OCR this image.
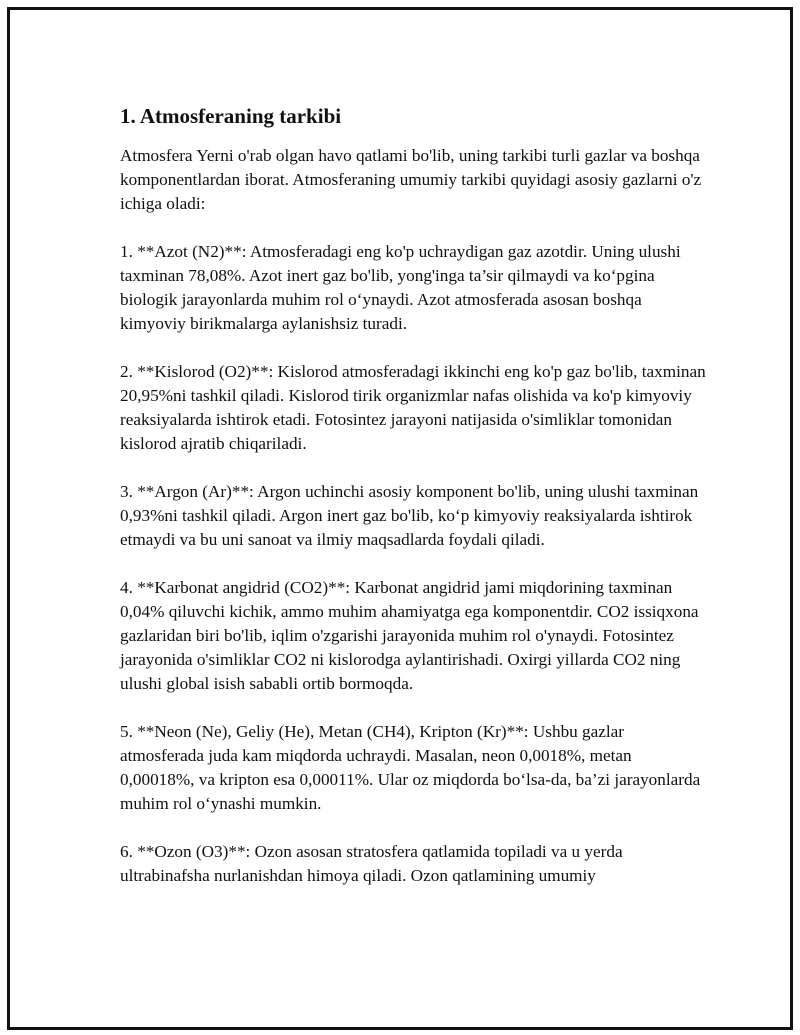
1. Atmosferaning tarkibi

Atmosfera Yerni o'rab olgan havo qatlami bo'lib, uning tarkibi turli gazlar va boshqa komponentlardan iborat. Atmosferaning umumiy tarkibi quyidagi asosiy gazlarni o'z ichiga oladi:

1. **Azot (N2)**: Atmosferadagi eng ko'p uchraydigan gaz azotdir. Uning ulushi taxminan 78,08%. Azot inert gaz bo'lib, yong'inga ta’sir qilmaydi va ko‘pgina biologik jarayonlarda muhim rol o‘ynaydi. Azot atmosferada asosan boshqa kimyoviy birikmalarga aylanishsiz turadi.

2. **Kislorod (O2)**: Kislorod atmosferadagi ikkinchi eng ko'p gaz bo'lib, taxminan 20,95%ni tashkil qiladi. Kislorod tirik organizmlar nafas olishida va ko'p kimyoviy reaksiyalarda ishtirok etadi. Fotosintez jarayoni natijasida o'simliklar tomonidan kislorod ajratib chiqariladi.

3. **Argon (Ar)**: Argon uchinchi asosiy komponent bo'lib, uning ulushi taxminan 0,93%ni tashkil qiladi. Argon inert gaz bo'lib, ko‘p kimyoviy reaksiyalarda ishtirok etmaydi va bu uni sanoat va ilmiy maqsadlarda foydali qiladi.

4. **Karbonat angidrid (CO2)**: Karbonat angidrid jami miqdorining taxminan 0,04% qiluvchi kichik, ammo muhim ahamiyatga ega komponentdir. CO2 issiqxona gazlaridan biri bo'lib, iqlim o'zgarishi jarayonida muhim rol o'ynaydi. Fotosintez jarayonida o'simliklar CO2 ni kislorodga aylantirishadi. Oxirgi yillarda CO2 ning ulushi global isish sababli ortib bormoqda.

5. **Neon (Ne), Geliy (He), Metan (CH4), Kripton (Kr)**: Ushbu gazlar atmosferada juda kam miqdorda uchraydi. Masalan, neon 0,0018%, metan 0,00018%, va kripton esa 0,00011%. Ular oz miqdorda bo‘lsa-da, ba’zi jarayonlarda muhim rol o‘ynashi mumkin.

6. **Ozon (O3)**: Ozon asosan stratosfera qatlamida topiladi va u yerda ultrabinafsha nurlanishdan himoya qiladi. Ozon qatlamining umumiy
